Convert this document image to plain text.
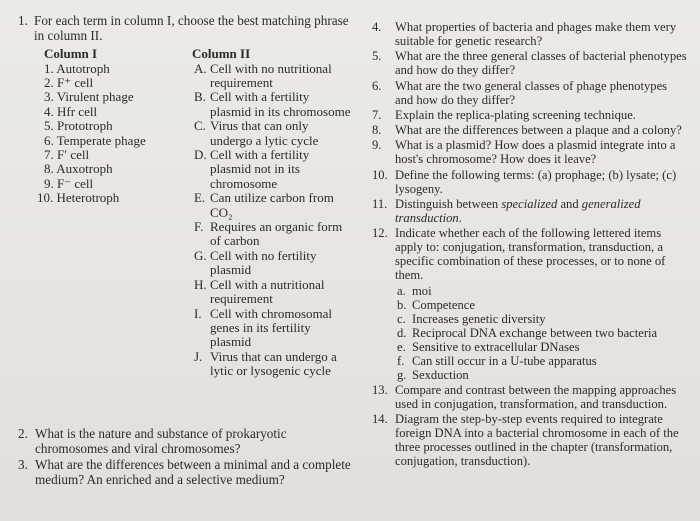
1. For each term in column I, choose the best matching phrase in column II.
Column I
1. Autotroph
2. F⁺ cell
3. Virulent phage
4. Hfr cell
5. Prototroph
6. Temperate phage
7. F′ cell
8. Auxotroph
9. F⁻ cell
10. Heterotroph
Column II
A. Cell with no nutritional requirement
B. Cell with a fertility plasmid in its chromosome
C. Virus that can only undergo a lytic cycle
D. Cell with a fertility plasmid not in its chromosome
E. Can utilize carbon from CO₂
F. Requires an organic form of carbon
G. Cell with no fertility plasmid
H. Cell with a nutritional requirement
I. Cell with chromosomal genes in its fertility plasmid
J. Virus that can undergo a lytic or lysogenic cycle
2. What is the nature and substance of prokaryotic chromosomes and viral chromosomes?
3. What are the differences between a minimal and a complete medium? An enriched and a selective medium?
4. What properties of bacteria and phages make them very suitable for genetic research?
5. What are the three general classes of bacterial phenotypes and how do they differ?
6. What are the two general classes of phage phenotypes and how do they differ?
7. Explain the replica-plating screening technique.
8. What are the differences between a plaque and a colony?
9. What is a plasmid? How does a plasmid integrate into a host's chromosome? How does it leave?
10. Define the following terms: (a) prophage; (b) lysate; (c) lysogeny.
11. Distinguish between specialized and generalized transduction.
12. Indicate whether each of the following lettered items apply to: conjugation, transformation, transduction, a specific combination of these processes, or to none of them.
a. moi
b. Competence
c. Increases genetic diversity
d. Reciprocal DNA exchange between two bacteria
e. Sensitive to extracellular DNases
f. Can still occur in a U-tube apparatus
g. Sexduction
13. Compare and contrast between the mapping approaches used in conjugation, transformation, and transduction.
14. Diagram the step-by-step events required to integrate foreign DNA into a bacterial chromosome in each of the three processes outlined in the chapter (transformation, conjugation, transduction).
